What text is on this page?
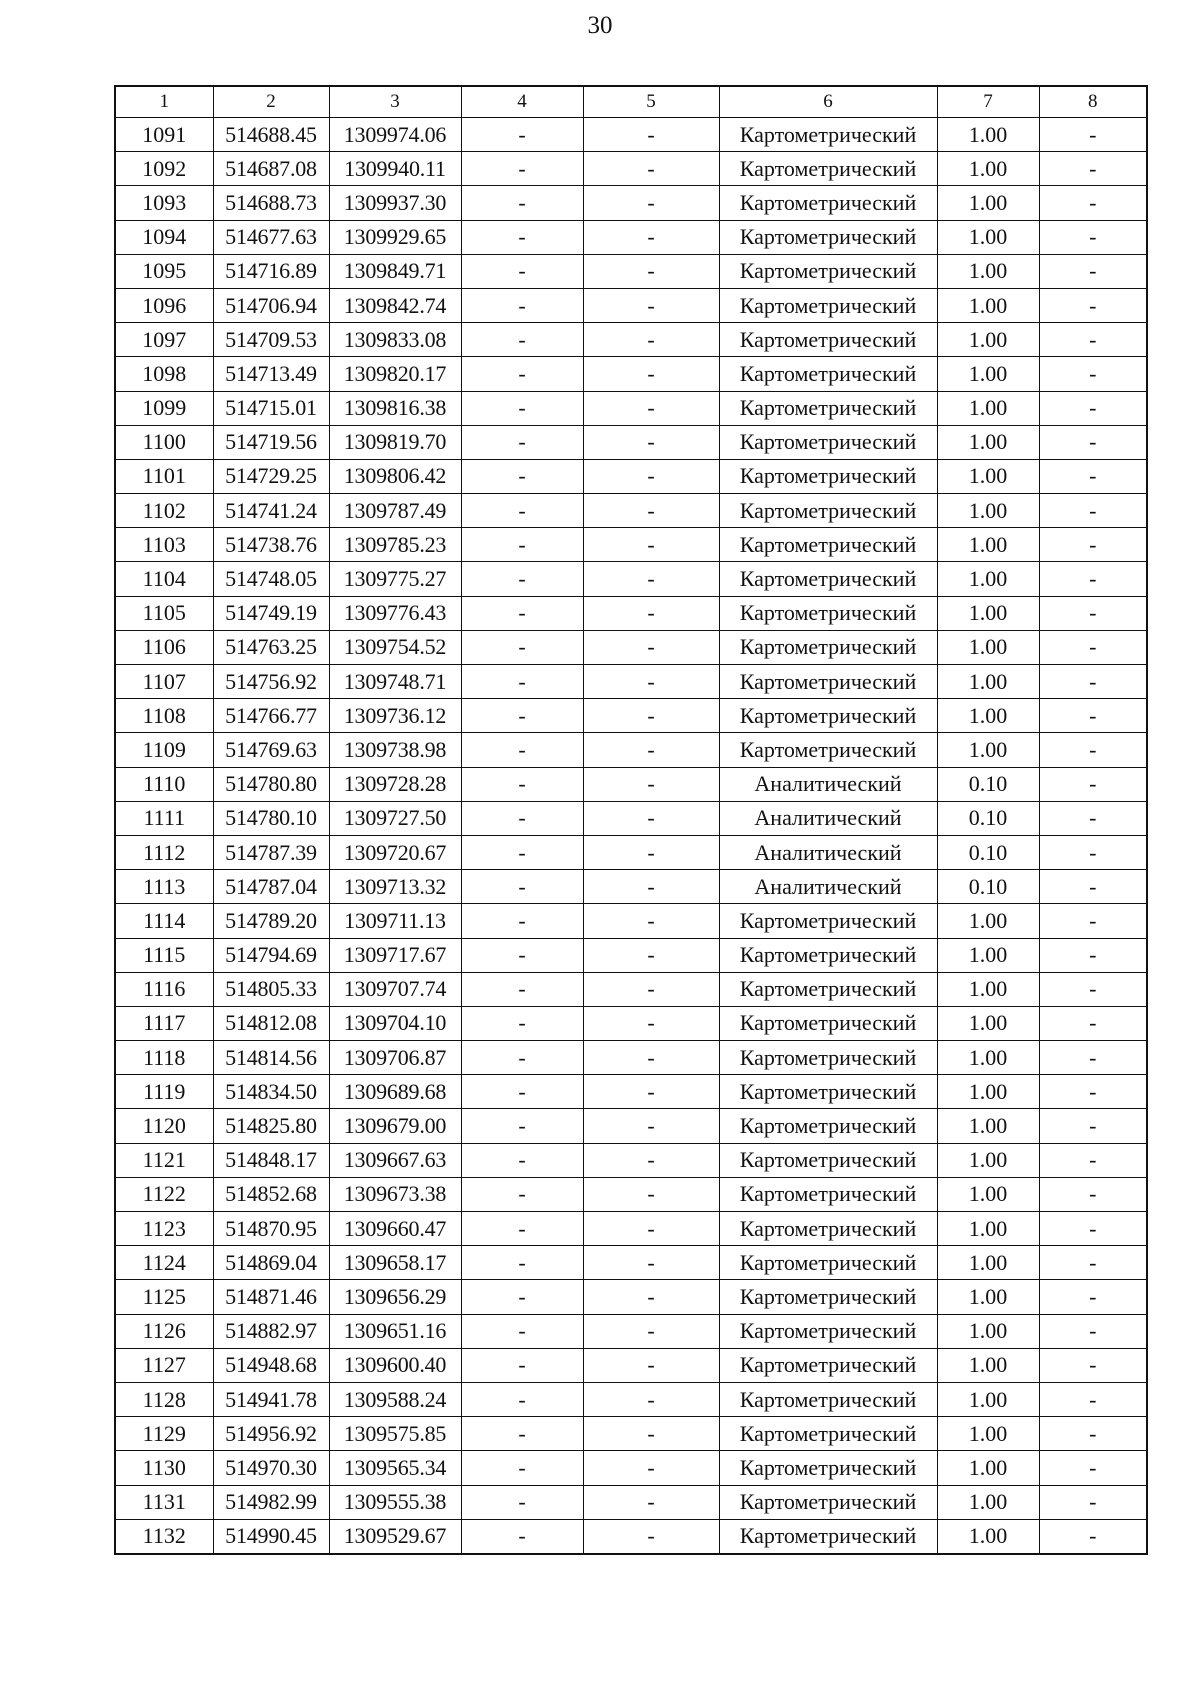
30
1	2	3	4	5	6	7	8
1091	514688.45	1309974.06	-	-	Картометрический	1.00	-
1092	514687.08	1309940.11	-	-	Картометрический	1.00	-
1093	514688.73	1309937.30	-	-	Картометрический	1.00	-
1094	514677.63	1309929.65	-	-	Картометрический	1.00	-
1095	514716.89	1309849.71	-	-	Картометрический	1.00	-
1096	514706.94	1309842.74	-	-	Картометрический	1.00	-
1097	514709.53	1309833.08	-	-	Картометрический	1.00	-
1098	514713.49	1309820.17	-	-	Картометрический	1.00	-
1099	514715.01	1309816.38	-	-	Картометрический	1.00	-
1100	514719.56	1309819.70	-	-	Картометрический	1.00	-
1101	514729.25	1309806.42	-	-	Картометрический	1.00	-
1102	514741.24	1309787.49	-	-	Картометрический	1.00	-
1103	514738.76	1309785.23	-	-	Картометрический	1.00	-
1104	514748.05	1309775.27	-	-	Картометрический	1.00	-
1105	514749.19	1309776.43	-	-	Картометрический	1.00	-
1106	514763.25	1309754.52	-	-	Картометрический	1.00	-
1107	514756.92	1309748.71	-	-	Картометрический	1.00	-
1108	514766.77	1309736.12	-	-	Картометрический	1.00	-
1109	514769.63	1309738.98	-	-	Картометрический	1.00	-
1110	514780.80	1309728.28	-	-	Аналитический	0.10	-
1111	514780.10	1309727.50	-	-	Аналитический	0.10	-
1112	514787.39	1309720.67	-	-	Аналитический	0.10	-
1113	514787.04	1309713.32	-	-	Аналитический	0.10	-
1114	514789.20	1309711.13	-	-	Картометрический	1.00	-
1115	514794.69	1309717.67	-	-	Картометрический	1.00	-
1116	514805.33	1309707.74	-	-	Картометрический	1.00	-
1117	514812.08	1309704.10	-	-	Картометрический	1.00	-
1118	514814.56	1309706.87	-	-	Картометрический	1.00	-
1119	514834.50	1309689.68	-	-	Картометрический	1.00	-
1120	514825.80	1309679.00	-	-	Картометрический	1.00	-
1121	514848.17	1309667.63	-	-	Картометрический	1.00	-
1122	514852.68	1309673.38	-	-	Картометрический	1.00	-
1123	514870.95	1309660.47	-	-	Картометрический	1.00	-
1124	514869.04	1309658.17	-	-	Картометрический	1.00	-
1125	514871.46	1309656.29	-	-	Картометрический	1.00	-
1126	514882.97	1309651.16	-	-	Картометрический	1.00	-
1127	514948.68	1309600.40	-	-	Картометрический	1.00	-
1128	514941.78	1309588.24	-	-	Картометрический	1.00	-
1129	514956.92	1309575.85	-	-	Картометрический	1.00	-
1130	514970.30	1309565.34	-	-	Картометрический	1.00	-
1131	514982.99	1309555.38	-	-	Картометрический	1.00	-
1132	514990.45	1309529.67	-	-	Картометрический	1.00	-
